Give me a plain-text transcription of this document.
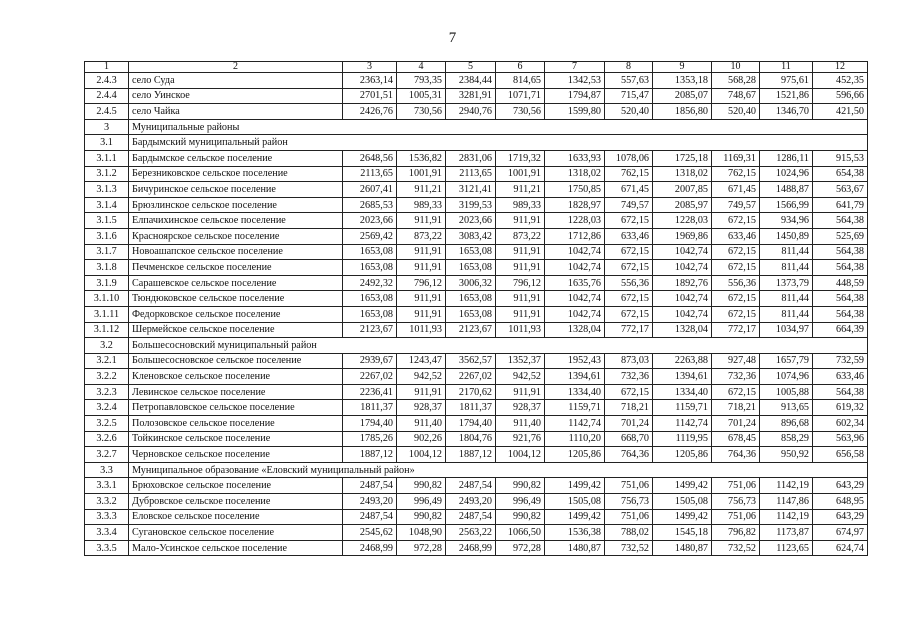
7
1	2	3	4	5	6	7	8	9	10	11	12
2.4.3	село Суда	2363,14	793,35	2384,44	814,65	1342,53	557,63	1353,18	568,28	975,61	452,35
2.4.4	село Уинское	2701,51	1005,31	3281,91	1071,71	1794,87	715,47	2085,07	748,67	1521,86	596,66
2.4.5	село Чайка	2426,76	730,56	2940,76	730,56	1599,80	520,40	1856,80	520,40	1346,70	421,50
3	Муниципальные районы										
3.1	Бардымский муниципальный район										
3.1.1	Бардымское сельское поселение	2648,56	1536,82	2831,06	1719,32	1633,93	1078,06	1725,18	1169,31	1286,11	915,53
3.1.2	Березниковское сельское поселение	2113,65	1001,91	2113,65	1001,91	1318,02	762,15	1318,02	762,15	1024,96	654,38
3.1.3	Бичуринское сельское поселение	2607,41	911,21	3121,41	911,21	1750,85	671,45	2007,85	671,45	1488,87	563,67
3.1.4	Брюзлинское сельское поселение	2685,53	989,33	3199,53	989,33	1828,97	749,57	2085,97	749,57	1566,99	641,79
3.1.5	Елпачихинское сельское поселение	2023,66	911,91	2023,66	911,91	1228,03	672,15	1228,03	672,15	934,96	564,38
3.1.6	Красноярское сельское поселение	2569,42	873,22	3083,42	873,22	1712,86	633,46	1969,86	633,46	1450,89	525,69
3.1.7	Новоашапское сельское поселение	1653,08	911,91	1653,08	911,91	1042,74	672,15	1042,74	672,15	811,44	564,38
3.1.8	Печменское сельское поселение	1653,08	911,91	1653,08	911,91	1042,74	672,15	1042,74	672,15	811,44	564,38
3.1.9	Сарашевское сельское поселение	2492,32	796,12	3006,32	796,12	1635,76	556,36	1892,76	556,36	1373,79	448,59
3.1.10	Тюндюковское сельское поселение	1653,08	911,91	1653,08	911,91	1042,74	672,15	1042,74	672,15	811,44	564,38
3.1.11	Федорковское сельское поселение	1653,08	911,91	1653,08	911,91	1042,74	672,15	1042,74	672,15	811,44	564,38
3.1.12	Шермейское сельское поселение	2123,67	1011,93	2123,67	1011,93	1328,04	772,17	1328,04	772,17	1034,97	664,39
3.2	Большесосновский муниципальный район										
3.2.1	Большесосновское сельское поселение	2939,67	1243,47	3562,57	1352,37	1952,43	873,03	2263,88	927,48	1657,79	732,59
3.2.2	Кленовское сельское поселение	2267,02	942,52	2267,02	942,52	1394,61	732,36	1394,61	732,36	1074,96	633,46
3.2.3	Левинское сельское поселение	2236,41	911,91	2170,62	911,91	1334,40	672,15	1334,40	672,15	1005,88	564,38
3.2.4	Петропавловское сельское поселение	1811,37	928,37	1811,37	928,37	1159,71	718,21	1159,71	718,21	913,65	619,32
3.2.5	Полозовское сельское поселение	1794,40	911,40	1794,40	911,40	1142,74	701,24	1142,74	701,24	896,68	602,34
3.2.6	Тойкинское сельское поселение	1785,26	902,26	1804,76	921,76	1110,20	668,70	1119,95	678,45	858,29	563,96
3.2.7	Черновское сельское поселение	1887,12	1004,12	1887,12	1004,12	1205,86	764,36	1205,86	764,36	950,92	656,58
3.3	Муниципальное образование «Еловский муниципальный район»										
3.3.1	Брюховское сельское поселение	2487,54	990,82	2487,54	990,82	1499,42	751,06	1499,42	751,06	1142,19	643,29
3.3.2	Дубровское сельское поселение	2493,20	996,49	2493,20	996,49	1505,08	756,73	1505,08	756,73	1147,86	648,95
3.3.3	Еловское сельское поселение	2487,54	990,82	2487,54	990,82	1499,42	751,06	1499,42	751,06	1142,19	643,29
3.3.4	Сугановское сельское поселение	2545,62	1048,90	2563,22	1066,50	1536,38	788,02	1545,18	796,82	1173,87	674,97
3.3.5	Мало-Усинское сельское поселение	2468,99	972,28	2468,99	972,28	1480,87	732,52	1480,87	732,52	1123,65	624,74
